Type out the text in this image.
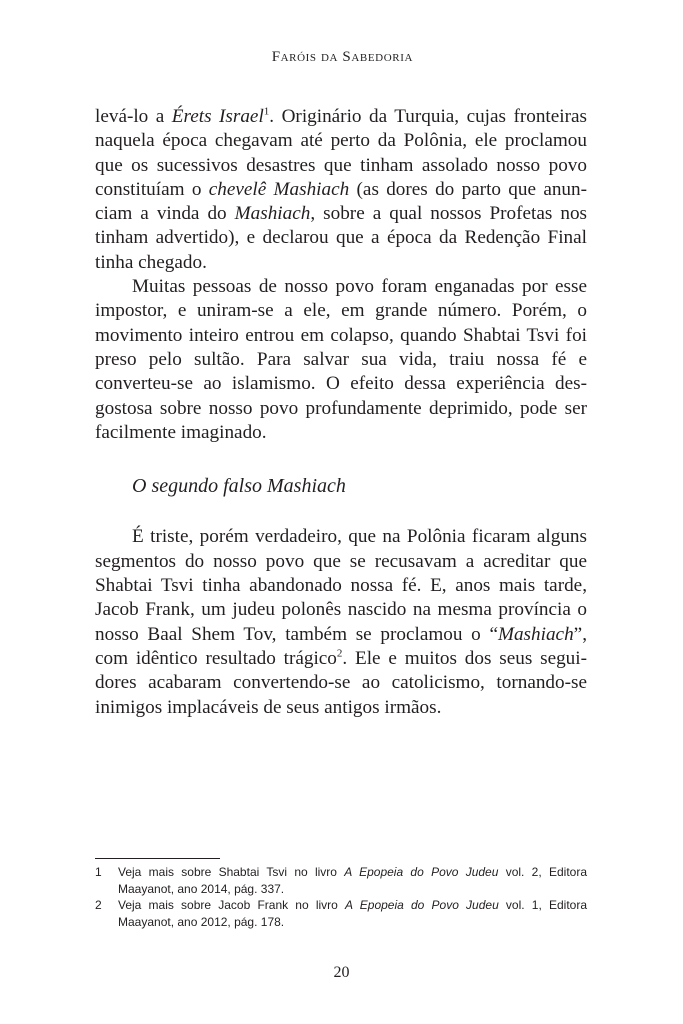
Faróis da Sabedoria

levá-lo a Érets Israel$^1$. Originário da Turquia, cujas fronteiras naquela época chegavam até perto da Polônia, ele proclamou que os sucessivos desastres que tinham assolado nosso povo constituíam o chevelê Mashiach (as dores do parto que anunciam a vinda do Mashiach, sobre a qual nossos Profetas nos tinham advertido), e declarou que a época da Redenção Final tinha chegado.

Muitas pessoas de nosso povo foram enganadas por esse impostor, e uniram-se a ele, em grande número. Porém, o movimento inteiro entrou em colapso, quando Shabtai Tsvi foi preso pelo sultão. Para salvar sua vida, traiu nossa fé e converteu-se ao islamismo. O efeito dessa experiência desgostosa sobre nosso povo profundamente deprimido, pode ser facilmente imaginado.

O segundo falso Mashiach

É triste, porém verdadeiro, que na Polônia ficaram alguns segmentos do nosso povo que se recusavam a acreditar que Shabtai Tsvi tinha abandonado nossa fé. E, anos mais tarde, Jacob Frank, um judeu polonês nascido na mesma província o nosso Baal Shem Tov, também se proclamou o “Mashiach”, com idêntico resultado trágico$^2$. Ele e muitos dos seus seguidores acabaram convertendo-se ao catolicismo, tornando-se inimigos implacáveis de seus antigos irmãos.

1	Veja mais sobre Shabtai Tsvi no livro A Epopeia do Povo Judeu vol. 2, Editora Maayanot, ano 2014, pág. 337.
2	Veja mais sobre Jacob Frank no livro A Epopeia do Povo Judeu vol. 1, Editora Maayanot, ano 2012, pág. 178.
20
